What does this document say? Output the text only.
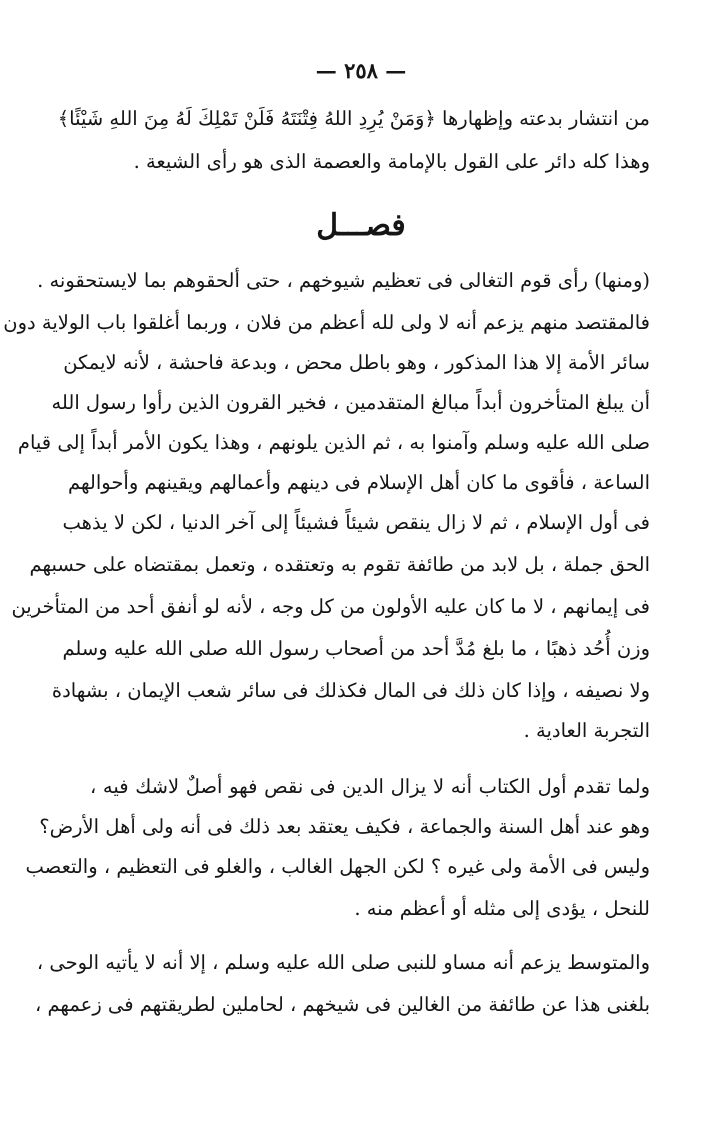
— ٢٥٨ —
من انتشار بدعته وإظهارها ﴿وَمَنْ يُرِدِ اللهُ فِتْنَتَهُ فَلَنْ تَمْلِكَ لَهُ مِنَ اللهِ شَيْئًا﴾
وهذا كله دائر على القول بالإمامة والعصمة الذى هو رأى الشيعة .
فصـــل
(ومنها) رأى قوم التغالى فى تعظيم شيوخهم ، حتى ألحقوهم بما لايستحقونه .
فالمقتصد منهم يزعم أنه لا ولى لله أعظم من فلان ، وربما أغلقوا باب الولاية دون
سائر الأمة إلا هذا المذكور ، وهو باطل محض ، وبدعة فاحشة ، لأنه لايمكن
أن يبلغ المتأخرون أبداً مبالغ المتقدمين ، فخير القرون الذين رأوا رسول الله
صلى الله عليه وسلم وآمنوا به ، ثم الذين يلونهم ، وهذا يكون الأمر أبداً إلى قيام
الساعة ، فأقوى ما كان أهل الإسلام فى دينهم وأعمالهم ويقينهم وأحوالهم
فى أول الإسلام ، ثم لا زال ينقص شيئاً فشيئاً إلى آخر الدنيا ، لكن لا يذهب
الحق جملة ، بل لابد من طائفة تقوم به وتعتقده ، وتعمل بمقتضاه على حسبهم
فى إيمانهم ، لا ما كان عليه الأولون من كل وجه ، لأنه لو أنفق أحد من المتأخرين
وزن أُحُد ذهبًا ، ما بلغ مُدَّ أحد من أصحاب رسول الله صلى الله عليه وسلم
ولا نصيفه ، وإذا كان ذلك فى المال فكذلك فى سائر شعب الإيمان ، بشهادة
التجربة العادية .
ولما تقدم أول الكتاب أنه لا يزال الدين فى نقص فهو أصلٌ لاشك فيه ،
وهو عند أهل السنة والجماعة ، فكيف يعتقد بعد ذلك فى أنه ولى أهل الأرض؟
وليس فى الأمة ولى غيره ؟ لكن الجهل الغالب ، والغلو فى التعظيم ، والتعصب
للنحل ، يؤدى إلى مثله أو أعظم منه .
والمتوسط يزعم أنه مساو للنبى صلى الله عليه وسلم ، إلا أنه لا يأتيه الوحى ،
بلغنى هذا عن طائفة من الغالين فى شيخهم ، لحاملين لطريقتهم فى زعمهم ،
